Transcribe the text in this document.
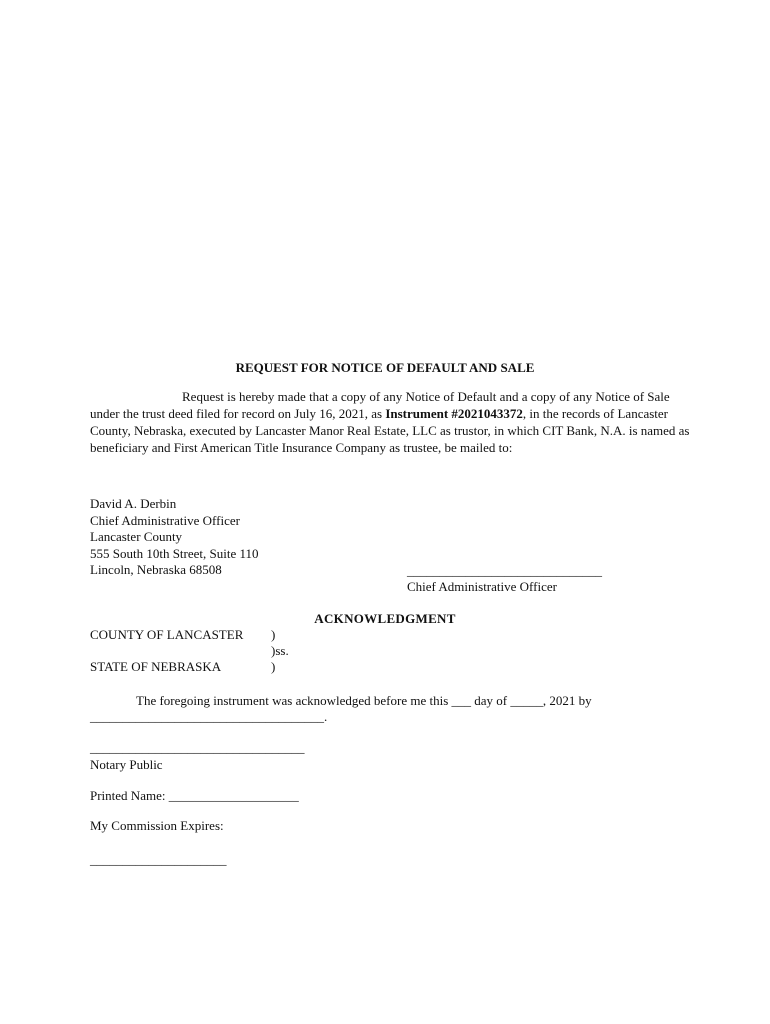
REQUEST FOR NOTICE OF DEFAULT AND SALE

Request is hereby made that a copy of any Notice of Default and a copy of any Notice of Sale under the trust deed filed for record on July 16, 2021, as Instrument #2021043372, in the records of Lancaster County, Nebraska, executed by Lancaster Manor Real Estate, LLC as trustor, in which CIT Bank, N.A. is named as beneficiary and First American Title Insurance Company as trustee, be mailed to:

David A. Derbin
Chief Administrative Officer
Lancaster County
555 South 10th Street, Suite 110
Lincoln, Nebraska 68508	______________________________
Chief Administrative Officer
ACKNOWLEDGMENT
COUNTY OF LANCASTER )
)ss.
STATE OF NEBRASKA	)
The foregoing instrument was acknowledged before me this ___ day of _____, 2021 by
____________________________________.
_________________________________
Notary Public
Printed Name: ____________________
My Commission Expires:
_____________________
